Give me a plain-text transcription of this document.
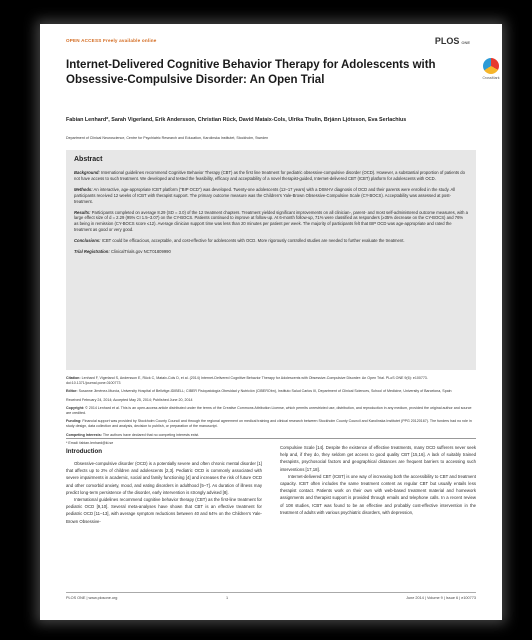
OPEN ACCESS Freely available online	PLOS ONE
CrossMark
Internet-Delivered Cognitive Behavior Therapy for Adolescents with Obsessive-Compulsive Disorder: An Open Trial
Fabian Lenhard*, Sarah Vigerland, Erik Andersson, Christian Rück, David Mataix-Cols, Ulrika Thulin, Brjánn Ljótsson, Eva Serlachius
Department of Clinical Neuroscience, Centre for Psychiatric Research and Education, Karolinska Institutet, Stockholm, Sweden
Abstract

Background: International guidelines recommend Cognitive Behavior Therapy (CBT) as the first line treatment for pediatric obsessive-compulsive disorder (OCD). However, a substantial proportion of patients do not have access to such treatment. We developed and tested the feasibility, efficacy and acceptability of a novel therapist-guided, Internet-delivered CBT (ICBT) platform for adolescents with OCD.

Methods: An interactive, age-appropriate ICBT platform ("BIP OCD") was developed. Twenty-one adolescents (12–17 years) with a DSM-IV diagnosis of OCD and their parents were enrolled in the study. All participants received 12 weeks of ICBT with therapist support. The primary outcome measure was the Children's Yale-Brown Obsessive-Compulsive Scale (CY-BOCS). Acceptability was assessed at post-treatment.

Results: Participants completed on average 8.29 (SD = 3.0) of the 12 treatment chapters. Treatment yielded significant improvements on all clinician-, parent- and most self-administered outcome measures, with a large effect size of d = 2.29 (95% CI 1.5–3.07) on the CY-BOCS. Patients continued to improve at follow-up. At 6-month follow-up, 71% were classified as responders (≥35% decrease on the CY-BOCS) and 76% as being in remission (CY-BOCS score ≤12). Average clinician support time was less than 20 minutes per patient per week. The majority of participants felt that BIP OCD was age-appropriate and rated the treatment as good or very good.

Conclusions: ICBT could be efficacious, acceptable, and cost-effective for adolescents with OCD. More rigorously controlled studies are needed to further evaluate the treatment.

Trial Registration: ClinicalTrials.gov NCT01809990

Citation: Lenhard F, Vigerland S, Andersson E, Rück C, Mataix-Cols D, et al. (2014) Internet-Delivered Cognitive Behavior Therapy for Adolescents with Obsessive-Compulsive Disorder: An Open Trial. PLoS ONE 9(6): e100773. doi:10.1371/journal.pone.0100773

Editor: Susanne Jiménez-Murcia, University Hospital of Bellvitge-IDIBELL; CIBER Fisiopatología Obesidad y Nutrición (CIBERObn), Instituto Salud Carlos III, Department of Clinical Sciences, School of Medicine, University of Barcelona, Spain

Received February 24, 2014; Accepted May 25, 2014; Published June 20, 2014

Copyright: © 2014 Lenhard et al. This is an open-access article distributed under the terms of the Creative Commons Attribution License, which permits unrestricted use, distribution, and reproduction in any medium, provided the original author and source are credited.

Funding: Financial support was provided by Stockholm County Council and through the regional agreement on medical training and clinical research between Stockholm County Council and Karolinska Institutet (PPG 20120167). The funders had no role in study design, data collection and analysis, decision to publish, or preparation of the manuscript.

Competing Interests: The authors have declared that no competing interests exist.

* Email: fabian.lenhard@ki.se

Introduction

Obsessive-compulsive disorder (OCD) is a potentially severe and often chronic mental disorder [1] that affects up to 2% of children and adolescents [2,3]. Pediatric OCD is commonly associated with severe impairments in academic, social and family functioning [4] and increases the risk of future OCD and other comorbid anxiety, mood, and eating disorders in adulthood [5–7]. As duration of illness may predict long-term persistence of the disorder, early intervention is strongly advised [8].

International guidelines recommend cognitive behavior therapy (CBT) as the first-line treatment for pediatric OCD [9,10]. Several meta-analyses have shown that CBT is an effective treatment for pediatric OCD [11–13], with average symptom reductions between 40 and 64% on the Children's Yale-Brown Obsessive-

Compulsive Scale [14]. Despite the existence of effective treatments, many OCD sufferers never seek help and, if they do, they seldom get access to good quality CBT [15,16]. A lack of suitably trained therapists, psychosocial factors and geographical distances are frequent barriers to accessing such interventions [17,18].

Internet-delivered CBT (ICBT) is one way of increasing both the accessibility to CBT and treatment capacity. ICBT often includes the same treatment content as regular CBT but usually entails less therapist contact. Patients work on their own with web-based treatment material and homework assignments and therapist support is provided through emails and telephone calls. In a recent review of 108 studies, ICBT was found to be an effective and probably cost-effective intervention in the treatment of adults with various psychiatric disorders, with depression,

PLOS ONE | www.plosone.org	1	June 2014 | Volume 9 | Issue 6 | e100773
